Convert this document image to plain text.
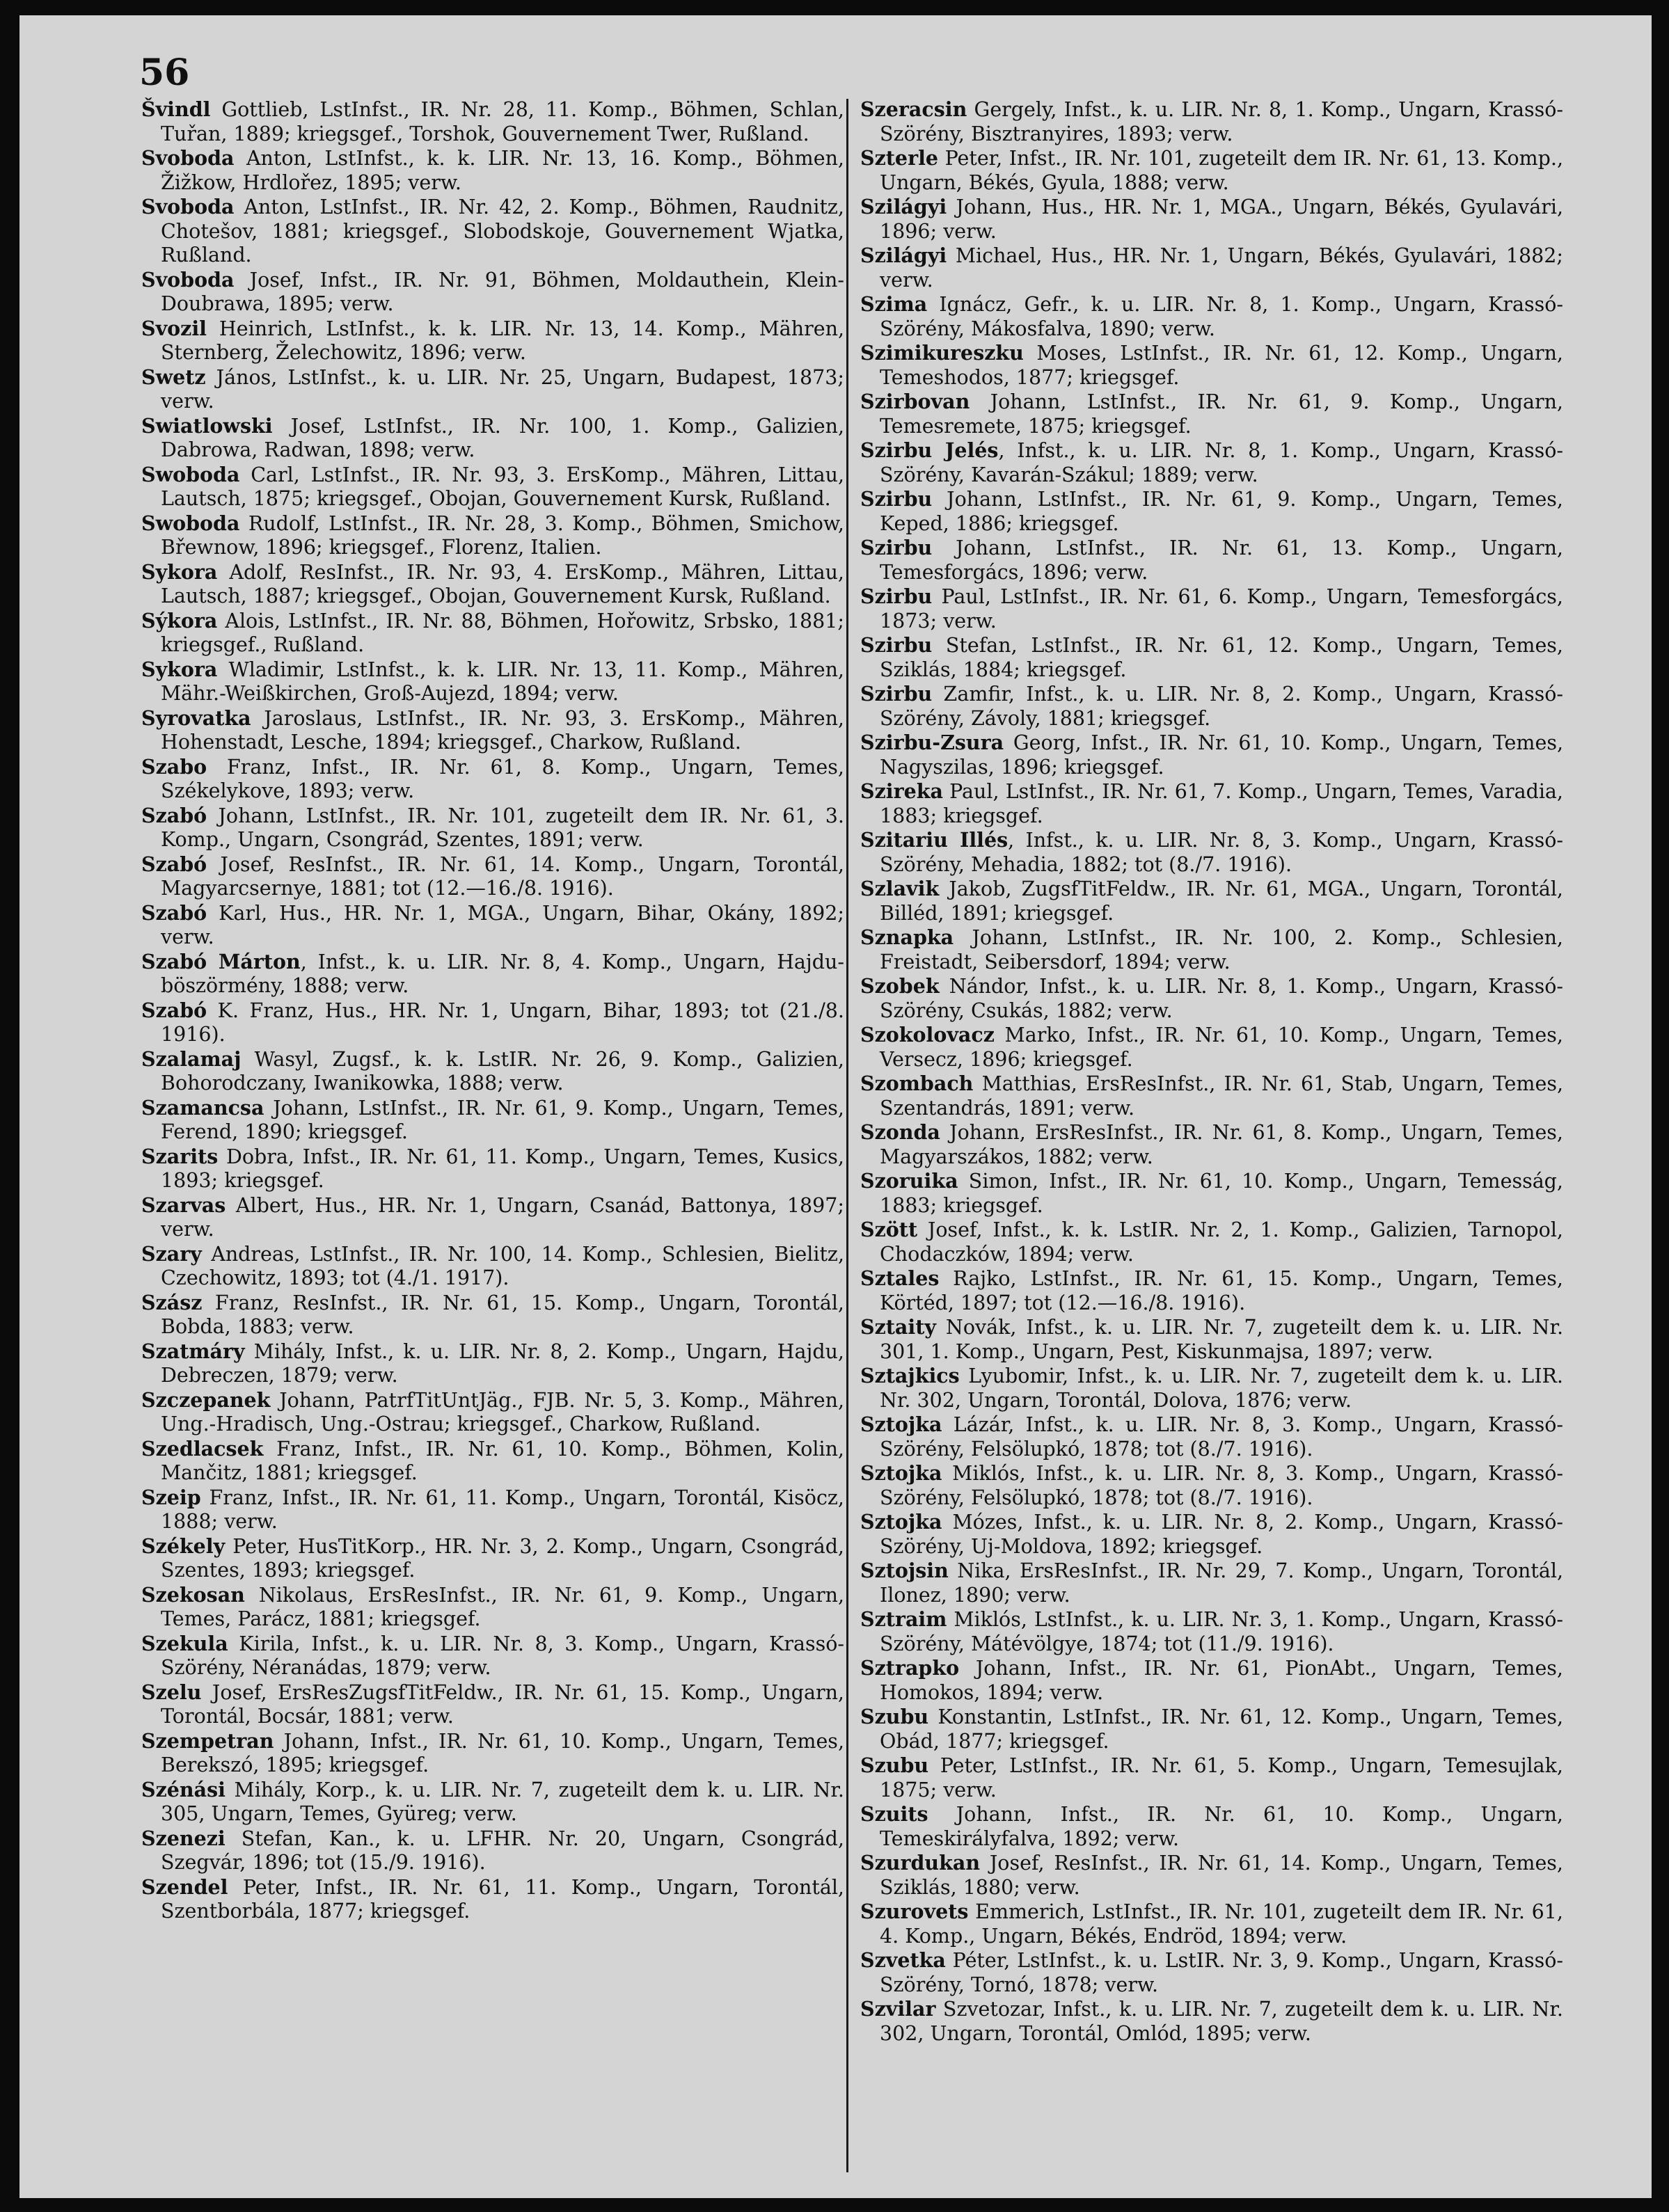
56

Švindl Gottlieb, LstInfst., IR. Nr. 28, 11. Komp., Böhmen, Schlan, Tuřan, 1889; kriegsgef., Torshok, Gouvernement Twer, Rußland.

Svoboda Anton, LstInfst., k. k. LIR. Nr. 13, 16. Komp., Böhmen, Žižkow, Hrdlořez, 1895; verw.

Svoboda Anton, LstInfst., IR. Nr. 42, 2. Komp., Böhmen, Raudnitz, Chotešov, 1881; kriegsgef., Slobodskoje, Gouvernement Wjatka, Rußland.

Svoboda Josef, Infst., IR. Nr. 91, Böhmen, Moldauthein, Klein-Doubrawa, 1895; verw.

Svozil Heinrich, LstInfst., k. k. LIR. Nr. 13, 14. Komp., Mähren, Sternberg, Želechowitz, 1896; verw.

Swetz János, LstInfst., k. u. LIR. Nr. 25, Ungarn, Budapest, 1873; verw.

Swiatlowski Josef, LstInfst., IR. Nr. 100, 1. Komp., Galizien, Dabrowa, Radwan, 1898; verw.

Swoboda Carl, LstInfst., IR. Nr. 93, 3. ErsKomp., Mähren, Littau, Lautsch, 1875; kriegsgef., Obojan, Gouvernement Kursk, Rußland.

Swoboda Rudolf, LstInfst., IR. Nr. 28, 3. Komp., Böhmen, Smichow, Břewnow, 1896; kriegsgef., Florenz, Italien.

Sykora Adolf, ResInfst., IR. Nr. 93, 4. ErsKomp., Mähren, Littau, Lautsch, 1887; kriegsgef., Obojan, Gouvernement Kursk, Rußland.

Sýkora Alois, LstInfst., IR. Nr. 88, Böhmen, Hořowitz, Srbsko, 1881; kriegsgef., Rußland.

Sykora Wladimir, LstInfst., k. k. LIR. Nr. 13, 11. Komp., Mähren, Mähr.-Weißkirchen, Groß-Aujezd, 1894; verw.

Syrovatka Jaroslaus, LstInfst., IR. Nr. 93, 3. ErsKomp., Mähren, Hohenstadt, Lesche, 1894; kriegsgef., Charkow, Rußland.

Szabo Franz, Infst., IR. Nr. 61, 8. Komp., Ungarn, Temes, Székelykove, 1893; verw.

Szabó Johann, LstInfst., IR. Nr. 101, zugeteilt dem IR. Nr. 61, 3. Komp., Ungarn, Csongrád, Szentes, 1891; verw.

Szabó Josef, ResInfst., IR. Nr. 61, 14. Komp., Ungarn, Torontál, Magyarcsernye, 1881; tot (12.—16./8. 1916).

Szabó Karl, Hus., HR. Nr. 1, MGA., Ungarn, Bihar, Okány, 1892; verw.

Szabó Márton, Infst., k. u. LIR. Nr. 8, 4. Komp., Ungarn, Hajdu-böszörmény, 1888; verw.

Szabó K. Franz, Hus., HR. Nr. 1, Ungarn, Bihar, 1893; tot (21./8. 1916).

Szalamaj Wasyl, Zugsf., k. k. LstIR. Nr. 26, 9. Komp., Galizien, Bohorodczany, Iwanikowka, 1888; verw.

Szamancsa Johann, LstInfst., IR. Nr. 61, 9. Komp., Ungarn, Temes, Ferend, 1890; kriegsgef.

Szarits Dobra, Infst., IR. Nr. 61, 11. Komp., Ungarn, Temes, Kusics, 1893; kriegsgef.

Szarvas Albert, Hus., HR. Nr. 1, Ungarn, Csanád, Battonya, 1897; verw.

Szary Andreas, LstInfst., IR. Nr. 100, 14. Komp., Schlesien, Bielitz, Czechowitz, 1893; tot (4./1. 1917).

Szász Franz, ResInfst., IR. Nr. 61, 15. Komp., Ungarn, Torontál, Bobda, 1883; verw.

Szatmáry Mihály, Infst., k. u. LIR. Nr. 8, 2. Komp., Ungarn, Hajdu, Debreczen, 1879; verw.

Szczepanek Johann, PatrfTitUntJäg., FJB. Nr. 5, 3. Komp., Mähren, Ung.-Hradisch, Ung.-Ostrau; kriegsgef., Charkow, Rußland.

Szedlacsek Franz, Infst., IR. Nr. 61, 10. Komp., Böhmen, Kolin, Mančitz, 1881; kriegsgef.

Szeip Franz, Infst., IR. Nr. 61, 11. Komp., Ungarn, Torontál, Kisöcz, 1888; verw.

Székely Peter, HusTitKorp., HR. Nr. 3, 2. Komp., Ungarn, Csongrád, Szentes, 1893; kriegsgef.

Szekosan Nikolaus, ErsResInfst., IR. Nr. 61, 9. Komp., Ungarn, Temes, Parácz, 1881; kriegsgef.

Szekula Kirila, Infst., k. u. LIR. Nr. 8, 3. Komp., Ungarn, Krassó-Szörény, Néranádas, 1879; verw.

Szelu Josef, ErsResZugsfTitFeldw., IR. Nr. 61, 15. Komp., Ungarn, Torontál, Bocsár, 1881; verw.

Szempetran Johann, Infst., IR. Nr. 61, 10. Komp., Ungarn, Temes, Berekszó, 1895; kriegsgef.

Szénási Mihály, Korp., k. u. LIR. Nr. 7, zugeteilt dem k. u. LIR. Nr. 305, Ungarn, Temes, Gyüreg; verw.

Szenezi Stefan, Kan., k. u. LFHR. Nr. 20, Ungarn, Csongrád, Szegvár, 1896; tot (15./9. 1916).

Szendel Peter, Infst., IR. Nr. 61, 11. Komp., Ungarn, Torontál, Szentborbála, 1877; kriegsgef.

Szeracsin Gergely, Infst., k. u. LIR. Nr. 8, 1. Komp., Ungarn, Krassó-Szörény, Bisztranyires, 1893; verw.

Szterle Peter, Infst., IR. Nr. 101, zugeteilt dem IR. Nr. 61, 13. Komp., Ungarn, Békés, Gyula, 1888; verw.

Szilágyi Johann, Hus., HR. Nr. 1, MGA., Ungarn, Békés, Gyulavári, 1896; verw.

Szilágyi Michael, Hus., HR. Nr. 1, Ungarn, Békés, Gyulavári, 1882; verw.

Szima Ignácz, Gefr., k. u. LIR. Nr. 8, 1. Komp., Ungarn, Krassó-Szörény, Mákosfalva, 1890; verw.

Szimikureszku Moses, LstInfst., IR. Nr. 61, 12. Komp., Ungarn, Temeshodos, 1877; kriegsgef.

Szirbovan Johann, LstInfst., IR. Nr. 61, 9. Komp., Ungarn, Temesremete, 1875; kriegsgef.

Szirbu Jelés, Infst., k. u. LIR. Nr. 8, 1. Komp., Ungarn, Krassó-Szörény, Kavarán-Szákul; 1889; verw.

Szirbu Johann, LstInfst., IR. Nr. 61, 9. Komp., Ungarn, Temes, Keped, 1886; kriegsgef.

Szirbu Johann, LstInfst., IR. Nr. 61, 13. Komp., Ungarn, Temesforgács, 1896; verw.

Szirbu Paul, LstInfst., IR. Nr. 61, 6. Komp., Ungarn, Temesforgács, 1873; verw.

Szirbu Stefan, LstInfst., IR. Nr. 61, 12. Komp., Ungarn, Temes, Sziklás, 1884; kriegsgef.

Szirbu Zamfir, Infst., k. u. LIR. Nr. 8, 2. Komp., Ungarn, Krassó-Szörény, Závoly, 1881; kriegsgef.

Szirbu-Zsura Georg, Infst., IR. Nr. 61, 10. Komp., Ungarn, Temes, Nagyszilas, 1896; kriegsgef.

Szireka Paul, LstInfst., IR. Nr. 61, 7. Komp., Ungarn, Temes, Varadia, 1883; kriegsgef.

Szitariu Illés, Infst., k. u. LIR. Nr. 8, 3. Komp., Ungarn, Krassó-Szörény, Mehadia, 1882; tot (8./7. 1916).

Szlavik Jakob, ZugsfTitFeldw., IR. Nr. 61, MGA., Ungarn, Torontál, Billéd, 1891; kriegsgef.

Sznapka Johann, LstInfst., IR. Nr. 100, 2. Komp., Schlesien, Freistadt, Seibersdorf, 1894; verw.

Szobek Nándor, Infst., k. u. LIR. Nr. 8, 1. Komp., Ungarn, Krassó-Szörény, Csukás, 1882; verw.

Szokolovacz Marko, Infst., IR. Nr. 61, 10. Komp., Ungarn, Temes, Versecz, 1896; kriegsgef.

Szombach Matthias, ErsResInfst., IR. Nr. 61, Stab, Ungarn, Temes, Szentandrás, 1891; verw.

Szonda Johann, ErsResInfst., IR. Nr. 61, 8. Komp., Ungarn, Temes, Magyarszákos, 1882; verw.

Szoruika Simon, Infst., IR. Nr. 61, 10. Komp., Ungarn, Temesság, 1883; kriegsgef.

Szött Josef, Infst., k. k. LstIR. Nr. 2, 1. Komp., Galizien, Tarnopol, Chodaczków, 1894; verw.

Sztales Rajko, LstInfst., IR. Nr. 61, 15. Komp., Ungarn, Temes, Körtéd, 1897; tot (12.—16./8. 1916).

Sztaity Novák, Infst., k. u. LIR. Nr. 7, zugeteilt dem k. u. LIR. Nr. 301, 1. Komp., Ungarn, Pest, Kiskunmajsa, 1897; verw.

Sztajkics Lyubomir, Infst., k. u. LIR. Nr. 7, zugeteilt dem k. u. LIR. Nr. 302, Ungarn, Torontál, Dolova, 1876; verw.

Sztojka Lázár, Infst., k. u. LIR. Nr. 8, 3. Komp., Ungarn, Krassó-Szörény, Felsölupkó, 1878; tot (8./7. 1916).

Sztojka Miklós, Infst., k. u. LIR. Nr. 8, 3. Komp., Ungarn, Krassó-Szörény, Felsölupkó, 1878; tot (8./7. 1916).

Sztojka Mózes, Infst., k. u. LIR. Nr. 8, 2. Komp., Ungarn, Krassó-Szörény, Uj-Moldova, 1892; kriegsgef.

Sztojsin Nika, ErsResInfst., IR. Nr. 29, 7. Komp., Ungarn, Torontál, Ilonez, 1890; verw.

Sztraim Miklós, LstInfst., k. u. LIR. Nr. 3, 1. Komp., Ungarn, Krassó-Szörény, Mátévölgye, 1874; tot (11./9. 1916).

Sztrapko Johann, Infst., IR. Nr. 61, PionAbt., Ungarn, Temes, Homokos, 1894; verw.

Szubu Konstantin, LstInfst., IR. Nr. 61, 12. Komp., Ungarn, Temes, Obád, 1877; kriegsgef.

Szubu Peter, LstInfst., IR. Nr. 61, 5. Komp., Ungarn, Temesujlak, 1875; verw.

Szuits Johann, Infst., IR. Nr. 61, 10. Komp., Ungarn, Temeskirályfalva, 1892; verw.

Szurdukan Josef, ResInfst., IR. Nr. 61, 14. Komp., Ungarn, Temes, Sziklás, 1880; verw.

Szurovets Emmerich, LstInfst., IR. Nr. 101, zugeteilt dem IR. Nr. 61, 4. Komp., Ungarn, Békés, Endröd, 1894; verw.

Szvetka Péter, LstInfst., k. u. LstIR. Nr. 3, 9. Komp., Ungarn, Krassó-Szörény, Tornó, 1878; verw.

Szvilar Szvetozar, Infst., k. u. LIR. Nr. 7, zugeteilt dem k. u. LIR. Nr. 302, Ungarn, Torontál, Omlód, 1895; verw.
